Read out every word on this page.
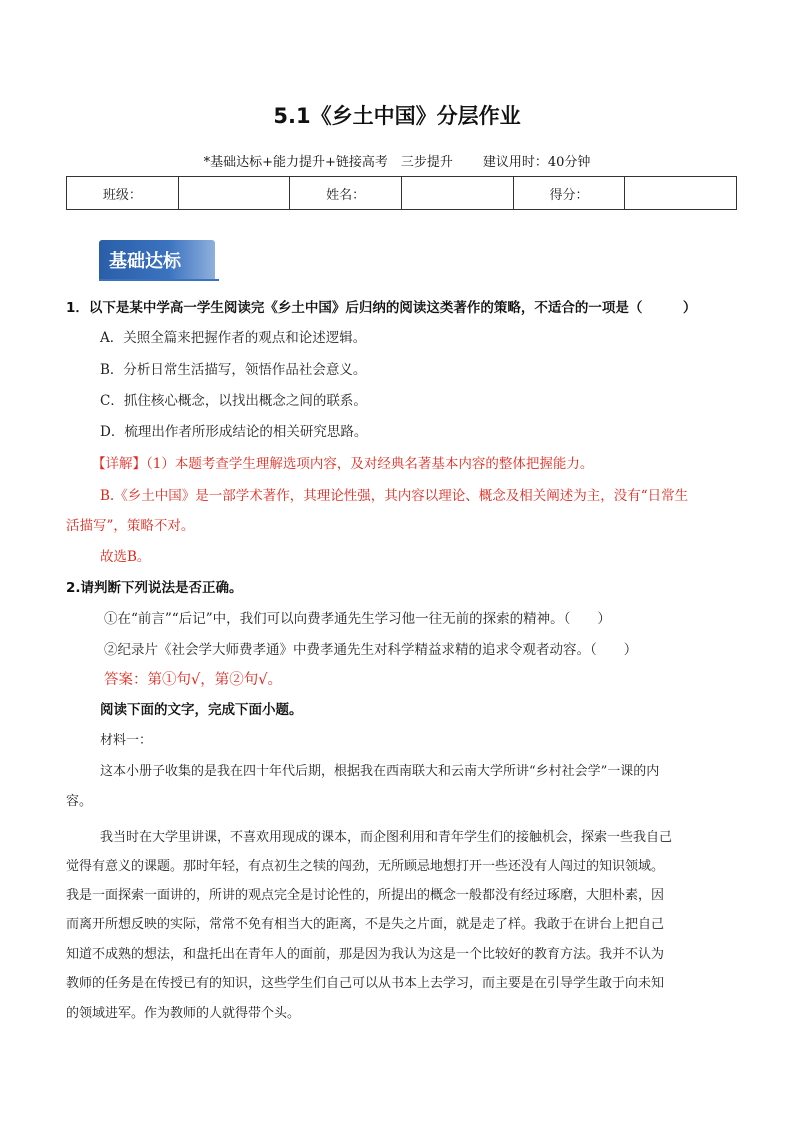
5.1《乡土中国》分层作业
*基础达标+能力提升+链接高考　三步提升 建议用时：40分钟
班级：		姓名：		得分：	
基础达标
1．以下是某中学高一学生阅读完《乡土中国》后归纳的阅读这类著作的策略，不适合的一项是（　　　）
A．关照全篇来把握作者的观点和论述逻辑。
B．分析日常生活描写，领悟作品社会意义。
C．抓住核心概念，以找出概念之间的联系。
D．梳理出作者所形成结论的相关研究思路。
【详解】（1）本题考查学生理解选项内容，及对经典名著基本内容的整体把握能力。
B.《乡土中国》是一部学术著作，其理论性强，其内容以理论、概念及相关阐述为主，没有“日常生
活描写”，策略不对。
故选B。
2.请判断下列说法是否正确。
①在“前言”“后记”中，我们可以向费孝通先生学习他一往无前的探索的精神。（　　）
②纪录片《社会学大师费孝通》中费孝通先生对科学精益求精的追求令观者动容。（　　）
答案：第①句√，第②句√。
阅读下面的文字，完成下面小题。
材料一：
这本小册子收集的是我在四十年代后期，根据我在西南联大和云南大学所讲“乡村社会学”一课的内
容。
我当时在大学里讲课，不喜欢用现成的课本，而企图利用和青年学生们的接触机会，探索一些我自己
觉得有意义的课题。那时年轻，有点初生之犊的闯劲，无所顾忌地想打开一些还没有人闯过的知识领域。
我是一面探索一面讲的，所讲的观点完全是讨论性的，所提出的概念一般都没有经过琢磨，大胆朴素，因
而离开所想反映的实际，常常不免有相当大的距离，不是失之片面，就是走了样。我敢于在讲台上把自己
知道不成熟的想法，和盘托出在青年人的面前，那是因为我认为这是一个比较好的教育方法。我并不认为
教师的任务是在传授已有的知识，这些学生们自己可以从书本上去学习，而主要是在引导学生敢于向未知
的领域进军。作为教师的人就得带个头。
